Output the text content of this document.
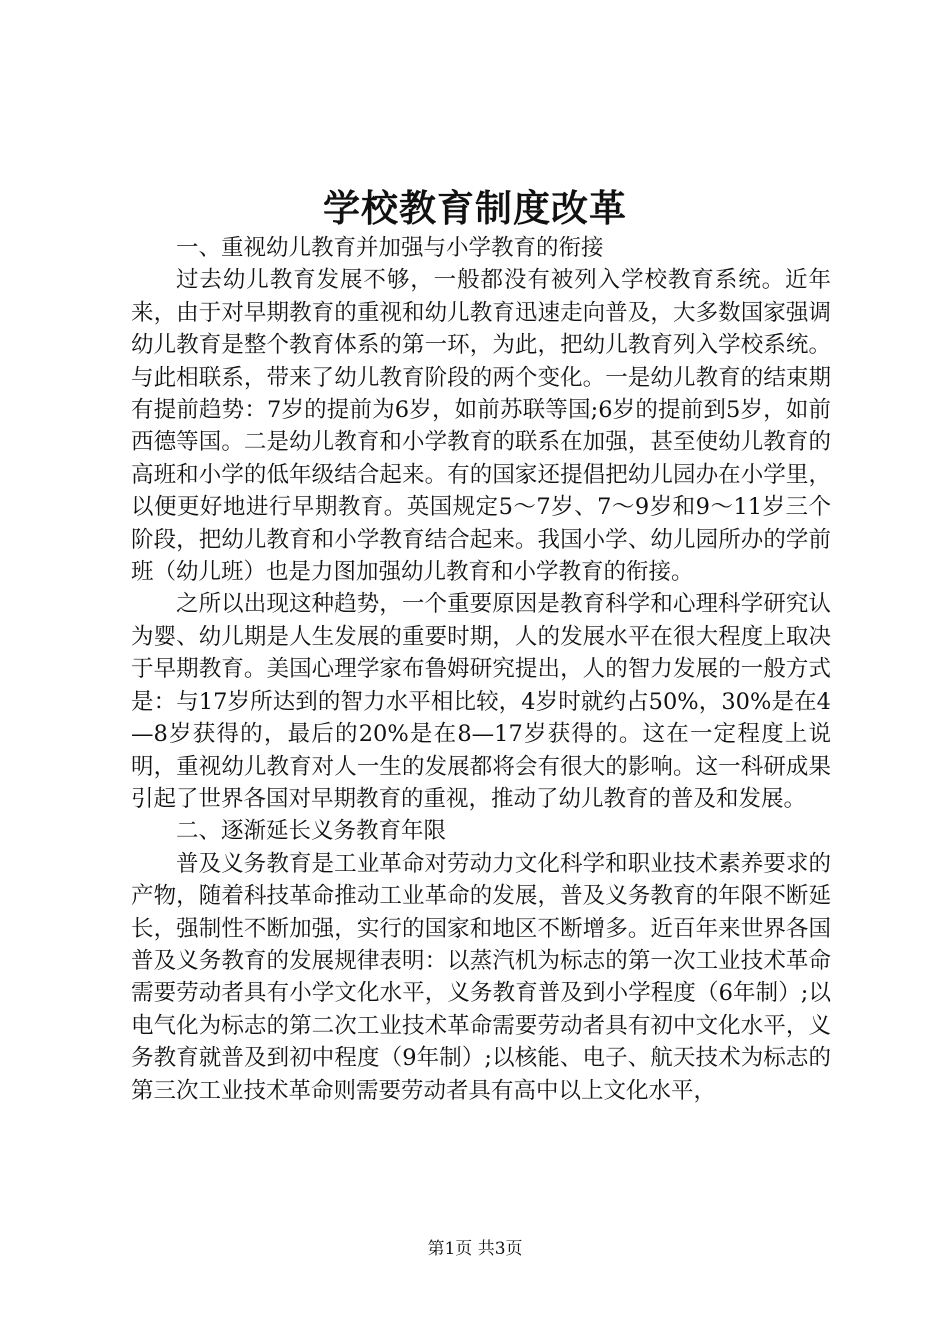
学校教育制度改革

一、重视幼儿教育并加强与小学教育的衔接

过去幼儿教育发展不够，一般都没有被列入学校教育系统。近年来，由于对早期教育的重视和幼儿教育迅速走向普及，大多数国家强调幼儿教育是整个教育体系的第一环，为此，把幼儿教育列入学校系统。与此相联系，带来了幼儿教育阶段的两个变化。一是幼儿教育的结束期有提前趋势：7岁的提前为6岁，如前苏联等国;6岁的提前到5岁，如前西德等国。二是幼儿教育和小学教育的联系在加强，甚至使幼儿教育的高班和小学的低年级结合起来。有的国家还提倡把幼儿园办在小学里，以便更好地进行早期教育。英国规定5～7岁、7～9岁和9～11岁三个阶段，把幼儿教育和小学教育结合起来。我国小学、幼儿园所办的学前班（幼儿班）也是力图加强幼儿教育和小学教育的衔接。

之所以出现这种趋势，一个重要原因是教育科学和心理科学研究认为婴、幼儿期是人生发展的重要时期，人的发展水平在很大程度上取决于早期教育。美国心理学家布鲁姆研究提出，人的智力发展的一般方式是：与17岁所达到的智力水平相比较，4岁时就约占50%，30%是在4—8岁获得的，最后的20%是在8—17岁获得的。这在一定程度上说明，重视幼儿教育对人一生的发展都将会有很大的影响。这一科研成果引起了世界各国对早期教育的重视，推动了幼儿教育的普及和发展。

二、逐渐延长义务教育年限

普及义务教育是工业革命对劳动力文化科学和职业技术素养要求的产物，随着科技革命推动工业革命的发展，普及义务教育的年限不断延长，强制性不断加强，实行的国家和地区不断增多。近百年来世界各国普及义务教育的发展规律表明：以蒸汽机为标志的第一次工业技术革命需要劳动者具有小学文化水平，义务教育普及到小学程度（6年制）;以电气化为标志的第二次工业技术革命需要劳动者具有初中文化水平，义务教育就普及到初中程度（9年制）;以核能、电子、航天技术为标志的第三次工业技术革命则需要劳动者具有高中以上文化水平，

第1页 共3页
